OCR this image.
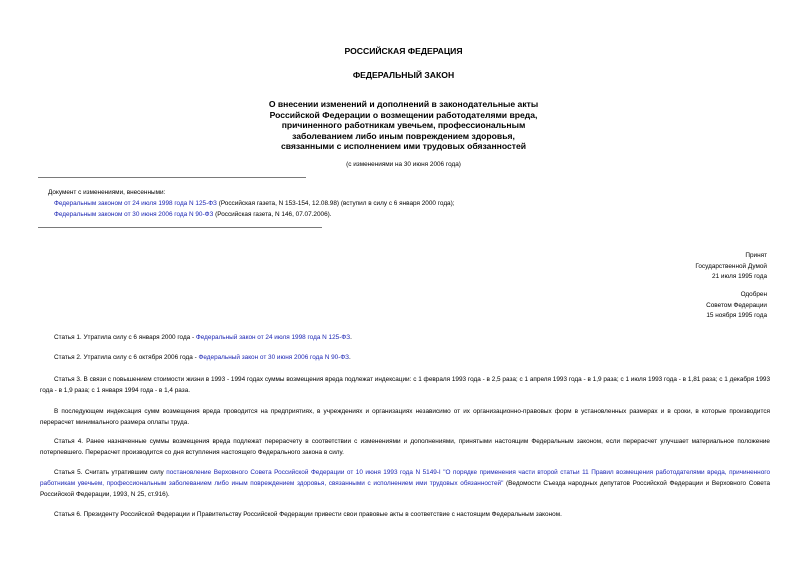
РОССИЙСКАЯ ФЕДЕРАЦИЯ
ФЕДЕРАЛЬНЫЙ ЗАКОН
О внесении изменений и дополнений в законодательные акты
Российской Федерации о возмещении работодателями вреда,
причиненного работникам увечьем, профессиональным
заболеванием либо иным повреждением здоровья,
связанными с исполнением ими трудовых обязанностей
(с изменениями на 30 июня 2006 года)
Документ с изменениями, внесенными:
Федеральным законом от 24 июля 1998 года N 125-ФЗ (Российская газета, N 153-154, 12.08.98) (вступил в силу с 6 января 2000 года);
Федеральным законом от 30 июня 2006 года N 90-ФЗ (Российская газета, N 146, 07.07.2006).
Принят
Государственной Думой
21 июля 1995 года
Одобрен
Советом Федерации
15 ноября 1995 года
Статья 1. Утратила силу с 6 января 2000 года - Федеральный закон от 24 июля 1998 года N 125-ФЗ.
Статья 2. Утратила силу с 6 октября 2006 года - Федеральный закон от 30 июня 2006 года N 90-ФЗ.
Статья 3. В связи с повышением стоимости жизни в 1993 - 1994 годах суммы возмещения вреда подлежат индексации: с 1 февраля 1993 года - в 2,5 раза; с 1 апреля 1993 года - в 1,9 раза; с 1 июля 1993 года - в 1,81 раза; с 1 декабря 1993 года - в 1,9 раза; с 1 января 1994 года - в 1,4 раза.
В последующем индексация сумм возмещения вреда проводится на предприятиях, в учреждениях и организациях независимо от их организационно-правовых форм в установленных размерах и в сроки, в которые производится перерасчет минимального размера оплаты труда.
Статья 4. Ранее назначенные суммы возмещения вреда подлежат перерасчету в соответствии с изменениями и дополнениями, принятыми настоящим Федеральным законом, если перерасчет улучшает материальное положение потерпевшего. Перерасчет производится со дня вступления настоящего Федерального закона в силу.
Статья 5. Считать утратившим силу постановление Верховного Совета Российской Федерации от 10 июня 1993 года N 5149-I "О порядке применения части второй статьи 11 Правил возмещения работодателями вреда, причиненного работникам увечьем, профессиональным заболеванием либо иным повреждением здоровья, связанными с исполнением ими трудовых обязанностей" (Ведомости Съезда народных депутатов Российской Федерации и Верховного Совета Российской Федерации, 1993, N 25, ст.916).
Статья 6. Президенту Российской Федерации и Правительству Российской Федерации привести свои правовые акты в соответствие с настоящим Федеральным законом.
